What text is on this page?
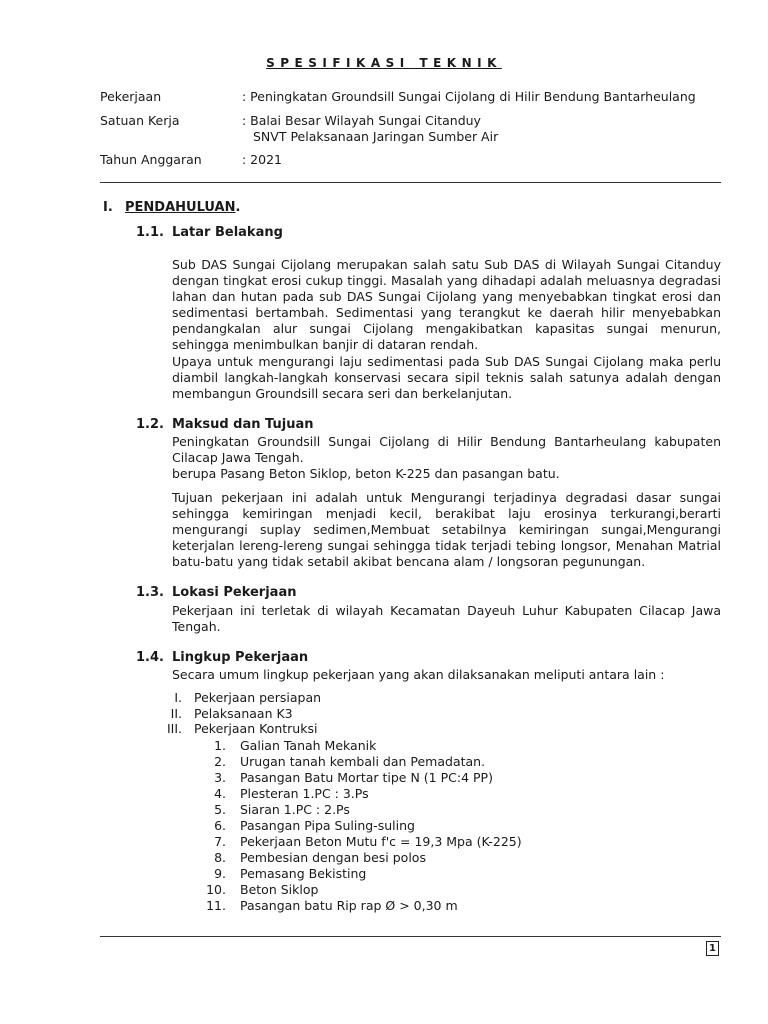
SPESIFIKASI TEKNIK
Pekerjaan	: Peningkatan Groundsill Sungai Cijolang di Hilir Bendung Bantarheulang
Satuan Kerja	: Balai Besar Wilayah Sungai Citanduy
SNVT Pelaksanaan Jaringan Sumber Air
Tahun Anggaran	: 2021
I. PENDAHULUAN.
1.1. Latar Belakang
Sub DAS Sungai Cijolang merupakan salah satu Sub DAS di Wilayah Sungai Citanduy dengan tingkat erosi cukup tinggi. Masalah yang dihadapi adalah meluasnya degradasi lahan dan hutan pada sub DAS Sungai Cijolang yang menyebabkan tingkat erosi dan sedimentasi bertambah. Sedimentasi yang terangkut ke daerah hilir menyebabkan pendangkalan alur sungai Cijolang mengakibatkan kapasitas sungai menurun, sehingga menimbulkan banjir di dataran rendah.
Upaya untuk mengurangi laju sedimentasi pada Sub DAS Sungai Cijolang maka perlu diambil langkah-langkah konservasi secara sipil teknis salah satunya adalah dengan membangun Groundsill secara seri dan berkelanjutan.
1.2. Maksud dan Tujuan
Peningkatan Groundsill Sungai Cijolang di Hilir Bendung Bantarheulang kabupaten Cilacap Jawa Tengah.
berupa Pasang Beton Siklop, beton K-225 dan pasangan batu.
Tujuan pekerjaan ini adalah untuk Mengurangi terjadinya degradasi dasar sungai sehingga kemiringan menjadi kecil, berakibat laju erosinya terkurangi,berarti mengurangi suplay sedimen,Membuat setabilnya kemiringan sungai,Mengurangi keterjalan lereng-lereng sungai sehingga tidak terjadi tebing longsor, Menahan Matrial batu-batu yang tidak setabil akibat bencana alam / longsoran pegunungan.
1.3. Lokasi Pekerjaan
Pekerjaan ini terletak di wilayah Kecamatan Dayeuh Luhur Kabupaten Cilacap Jawa Tengah.
1.4. Lingkup Pekerjaan
Secara umum lingkup pekerjaan yang akan dilaksanakan meliputi antara lain :
I. Pekerjaan persiapan
II. Pelaksanaan K3
III. Pekerjaan Kontruksi
1.	Galian Tanah Mekanik
2.	Urugan tanah kembali dan Pemadatan.
3.	Pasangan Batu Mortar tipe N (1 PC:4 PP)
4.	Plesteran 1.PC : 3.Ps
5.	Siaran 1.PC : 2.Ps
6.	Pasangan Pipa Suling-suling
7.	Pekerjaan Beton Mutu f'c = 19,3 Mpa (K-225)
8.	Pembesian dengan besi polos
9.	Pemasang Bekisting
10.	Beton Siklop
11.	Pasangan batu Rip rap Ø > 0,30 m
1
